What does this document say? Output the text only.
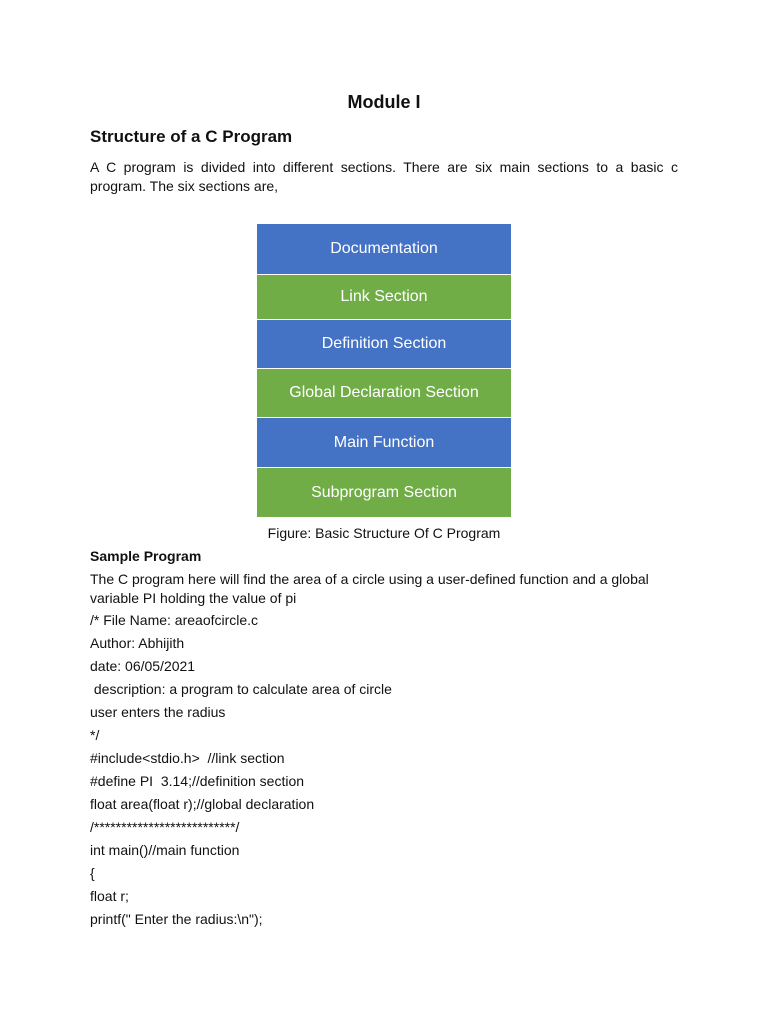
Module I
Structure of a C Program
A C program is divided into different sections. There are six main sections to a basic c program. The six sections are,
Documentation
Link Section
Definition Section
Global Declaration Section
Main Function
Subprogram Section
Figure: Basic Structure Of C Program
Sample Program
The C program here will find the area of a circle using a user-defined function and a global variable PI holding the value of pi
/* File Name: areaofcircle.c
Author: Abhijith
date: 06/05/2021
description: a program to calculate area of circle
user enters the radius
*/
#include<stdio.h>  //link section
#define PI  3.14;//definition section
float area(float r);//global declaration
/**************************/
int main()//main function
{
float r;
printf(" Enter the radius:\n");
